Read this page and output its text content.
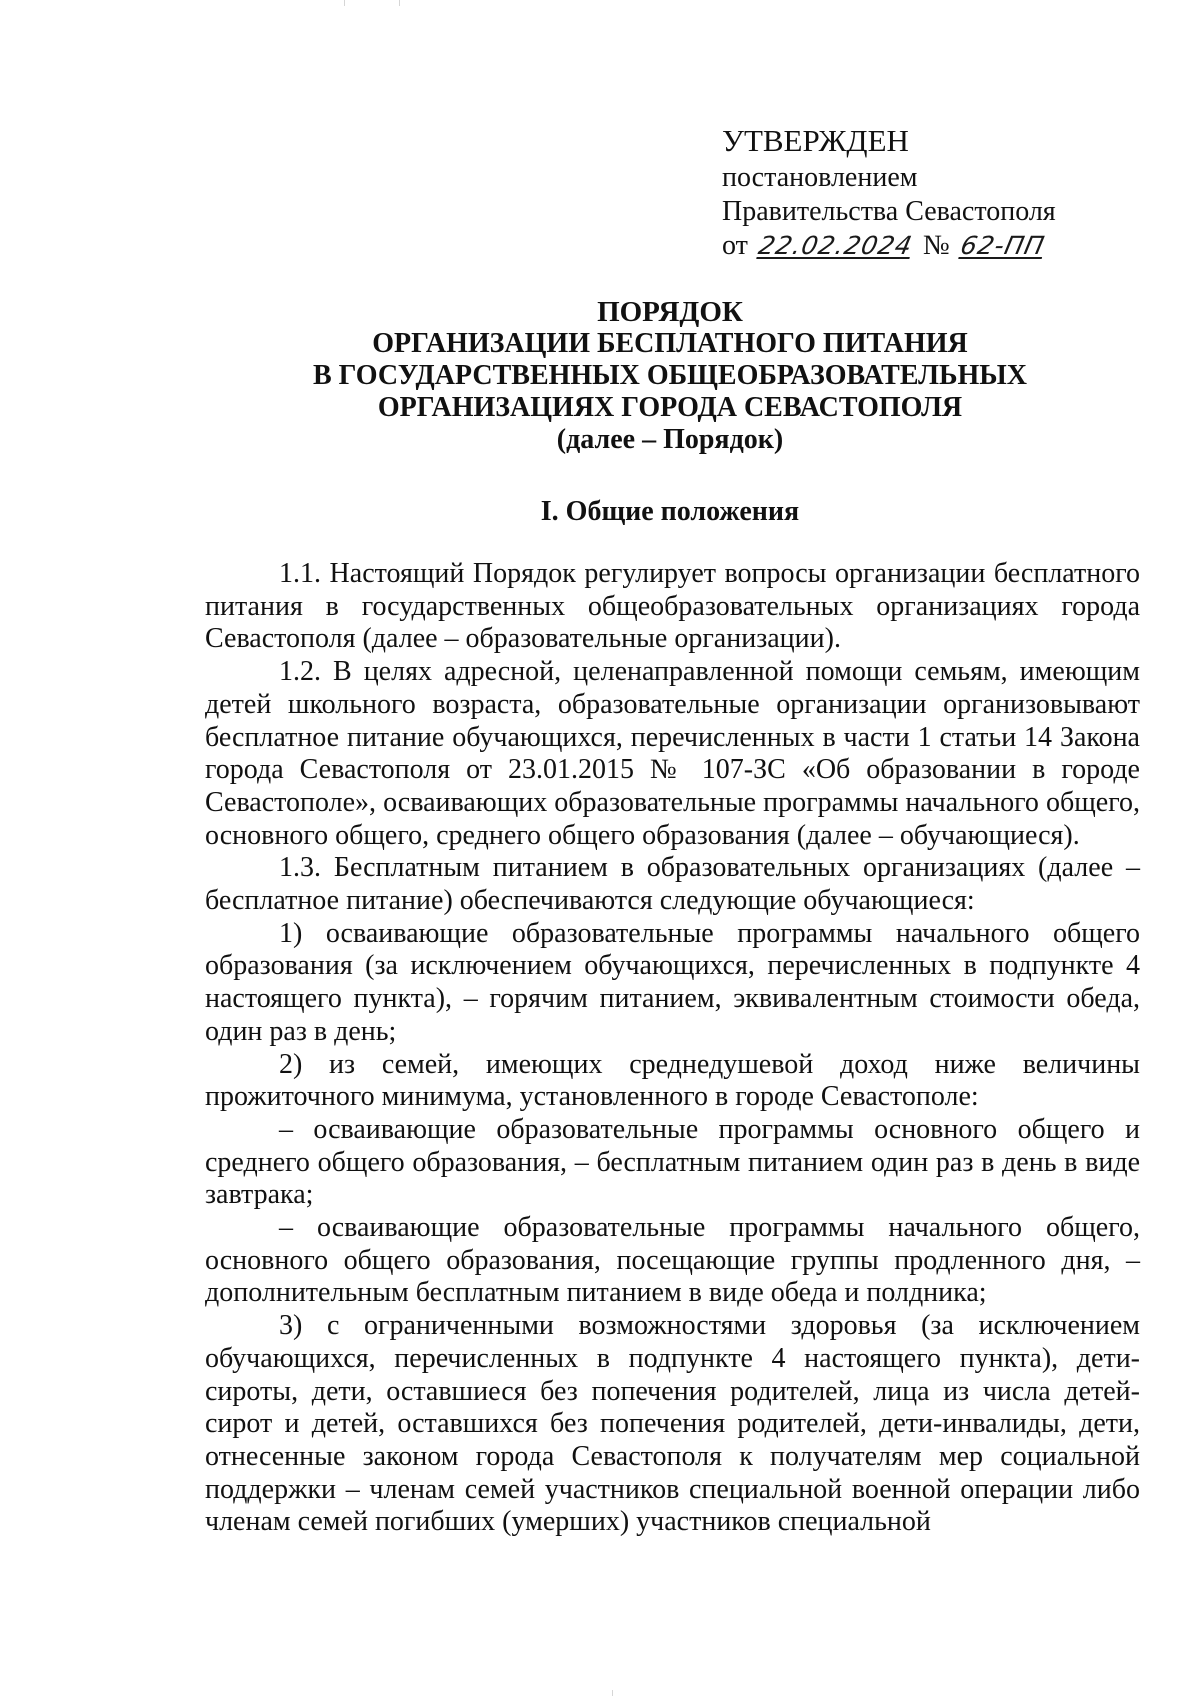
УТВЕРЖДЕН
постановлением
Правительства Севастополя
от 22.02.2024 № 62-ПП
ПОРЯДОК
ОРГАНИЗАЦИИ БЕСПЛАТНОГО ПИТАНИЯ
В ГОСУДАРСТВЕННЫХ ОБЩЕОБРАЗОВАТЕЛЬНЫХ
ОРГАНИЗАЦИЯХ ГОРОДА СЕВАСТОПОЛЯ
(далее – Порядок)
I. Общие положения

1.1. Настоящий Порядок регулирует вопросы организации бесплатного питания в государственных общеобразовательных организациях города Севастополя (далее – образовательные организации).

1.2. В целях адресной, целенаправленной помощи семьям, имеющим детей школьного возраста, образовательные организации организовывают бесплатное питание обучающихся, перечисленных в части 1 статьи 14 Закона города Севастополя от 23.01.2015 № 107-ЗС «Об образовании в городе Севастополе», осваивающих образовательные программы начального общего, основного общего, среднего общего образования (далее – обучающиеся).

1.3. Бесплатным питанием в образовательных организациях (далее – бесплатное питание) обеспечиваются следующие обучающиеся:

1) осваивающие образовательные программы начального общего образования (за исключением обучающихся, перечисленных в подпункте 4 настоящего пункта), – горячим питанием, эквивалентным стоимости обеда, один раз в день;

2) из семей, имеющих среднедушевой доход ниже величины прожиточного минимума, установленного в городе Севастополе:

– осваивающие образовательные программы основного общего и среднего общего образования, – бесплатным питанием один раз в день в виде завтрака;

– осваивающие образовательные программы начального общего, основного общего образования, посещающие группы продленного дня, – дополнительным бесплатным питанием в виде обеда и полдника;

3) с ограниченными возможностями здоровья (за исключением обучающихся, перечисленных в подпункте 4 настоящего пункта), дети-сироты, дети, оставшиеся без попечения родителей, лица из числа детей-сирот и детей, оставшихся без попечения родителей, дети-инвалиды, дети, отнесенные законом города Севастополя к получателям мер социальной поддержки – членам семей участников специальной военной операции либо членам семей погибших (умерших) участников специальной
